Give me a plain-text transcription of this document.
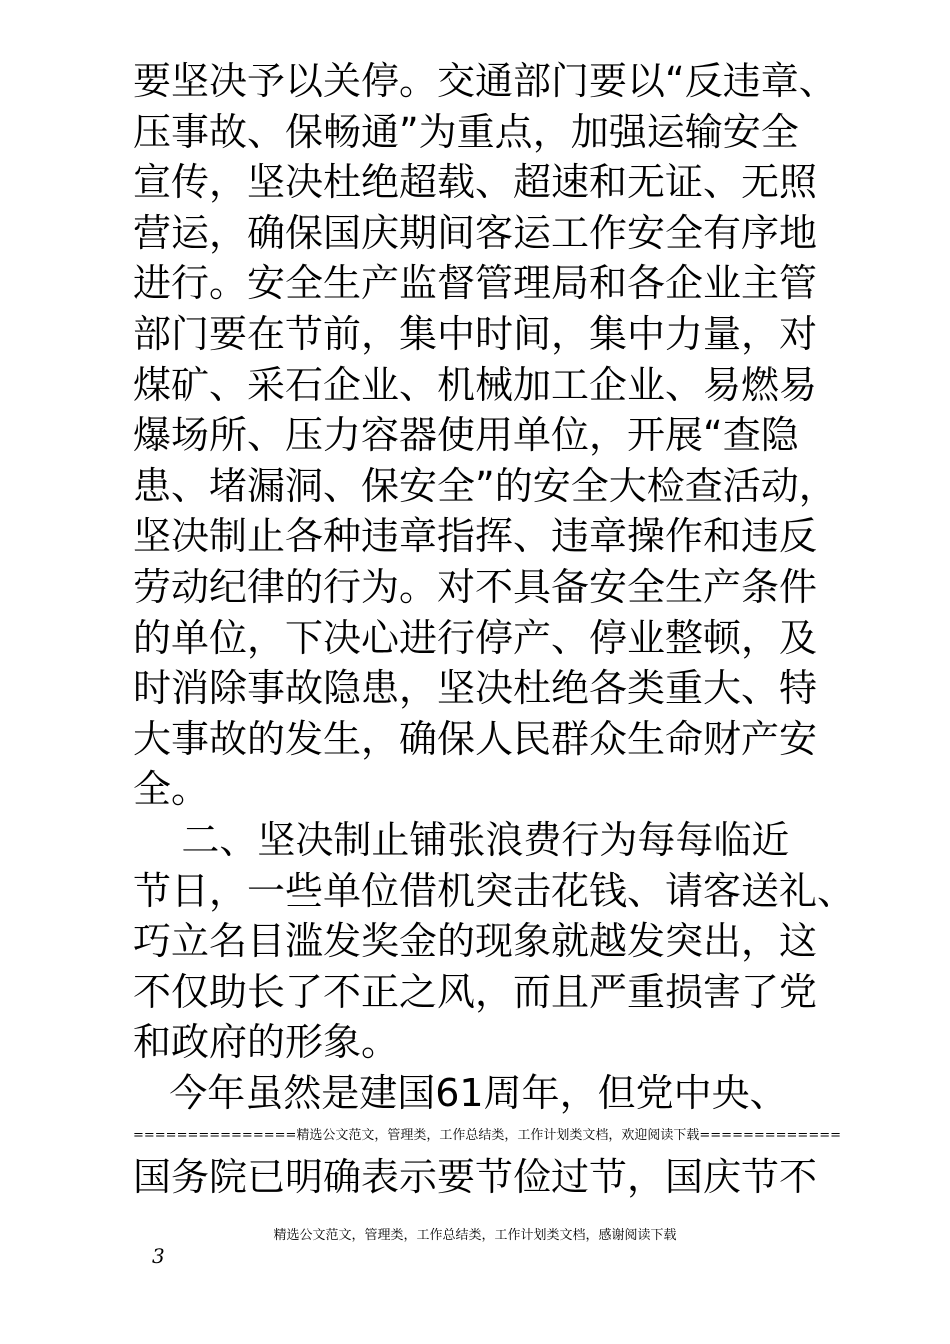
要坚决予以关停。交通部门要以“反违章、
压事故、保畅通”为重点，加强运输安全
宣传，坚决杜绝超载、超速和无证、无照
营运，确保国庆期间客运工作安全有序地
进行。安全生产监督管理局和各企业主管
部门要在节前，集中时间，集中力量，对
煤矿、采石企业、机械加工企业、易燃易
爆场所、压力容器使用单位，开展“查隐
患、堵漏洞、保安全”的安全大检查活动，
坚决制止各种违章指挥、违章操作和违反
劳动纪律的行为。对不具备安全生产条件
的单位，下决心进行停产、停业整顿，及
时消除事故隐患，坚决杜绝各类重大、特
大事故的发生，确保人民群众生命财产安
全。
二、坚决制止铺张浪费行为每每临近
节日，一些单位借机突击花钱、请客送礼、
巧立名目滥发奖金的现象就越发突出，这
不仅助长了不正之风，而且严重损害了党
和政府的形象。
今年虽然是建国61周年，但党中央、
===============精选公文范文，管理类，工作总结类，工作计划类文档，欢迎阅读下载=============
国务院已明确表示要节俭过节，国庆节不
精选公文范文，管理类，工作总结类，工作计划类文档，感谢阅读下载
3
